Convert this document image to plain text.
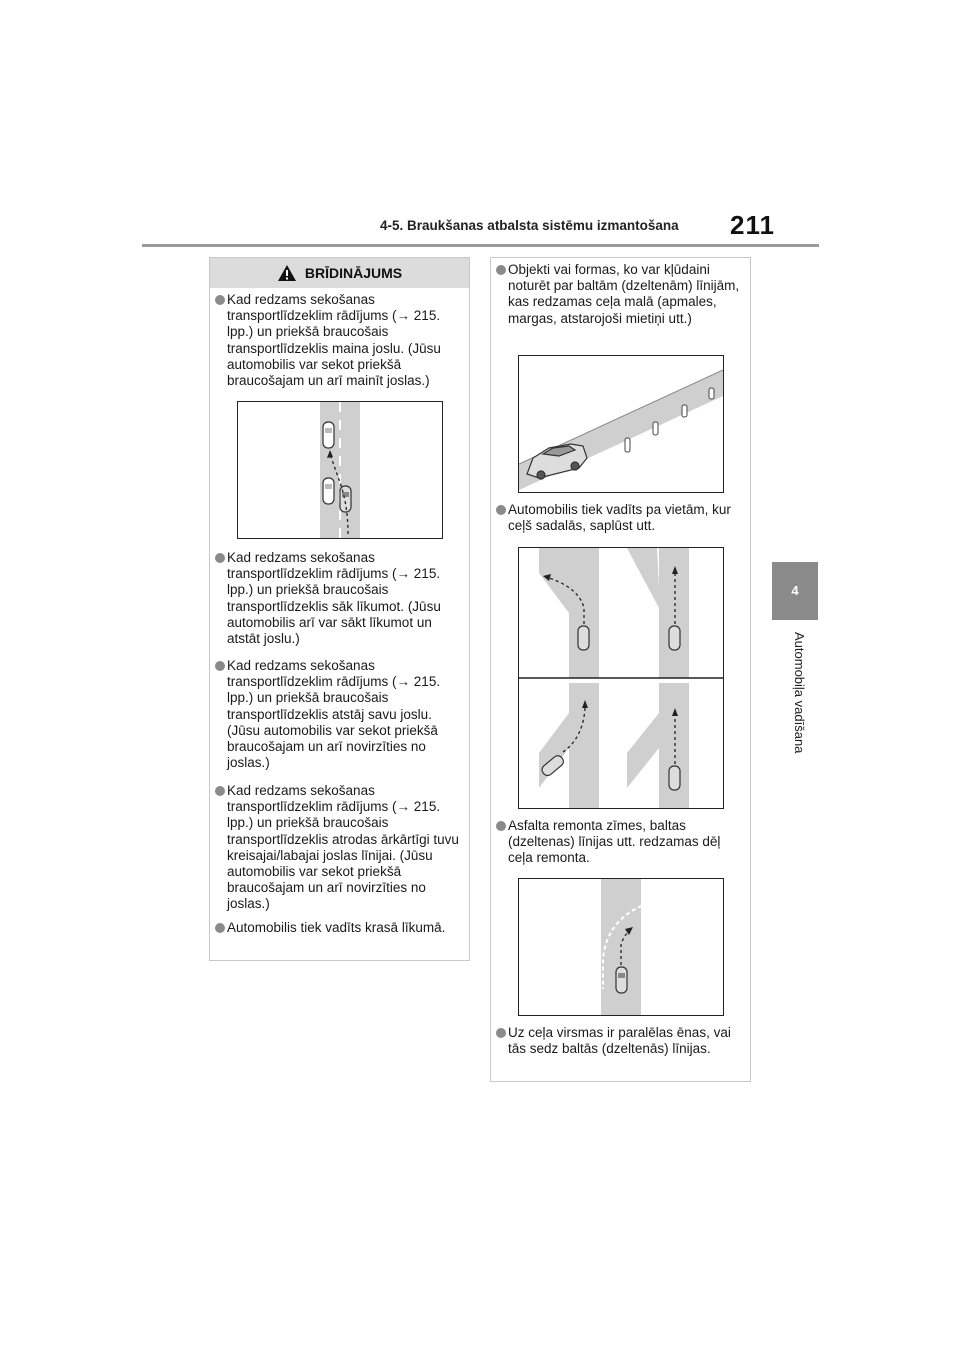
4-5. Braukšanas atbalsta sistēmu izmantošana 211
4
Automobiļa vadīšana
BRĪDINĀJUMS
Kad redzams sekošanas transportlīdzeklim rādījums (→ 215. lpp.) un priekšā braucošais transportlīdzeklis maina joslu. (Jūsu automobilis var sekot priekšā braucošajam un arī mainīt joslas.)
Kad redzams sekošanas transportlīdzeklim rādījums (→ 215. lpp.) un priekšā braucošais transportlīdzeklis sāk līkumot. (Jūsu automobilis arī var sākt līkumot un atstāt joslu.)
Kad redzams sekošanas transportlīdzeklim rādījums (→ 215. lpp.) un priekšā braucošais transportlīdzeklis atstāj savu joslu. (Jūsu automobilis var sekot priekšā braucošajam un arī novirzīties no joslas.)
Kad redzams sekošanas transportlīdzeklim rādījums (→ 215. lpp.) un priekšā braucošais transportlīdzeklis atrodas ārkārtīgi tuvu kreisajai/labajai joslas līnijai. (Jūsu automobilis var sekot priekšā braucošajam un arī novirzīties no joslas.)
Automobilis tiek vadīts krasā līkumā.
Objekti vai formas, ko var kļūdaini noturēt par baltām (dzeltenām) līnijām, kas redzamas ceļa malā (apmales, margas, atstarojoši mietiņi utt.)
Automobilis tiek vadīts pa vietām, kur ceļš sadalās, saplūst utt.
Asfalta remonta zīmes, baltas (dzeltenas) līnijas utt. redzamas dēļ ceļa remonta.
Uz ceļa virsmas ir paralēlas ēnas, vai tās sedz baltās (dzeltenās) līnijas.
